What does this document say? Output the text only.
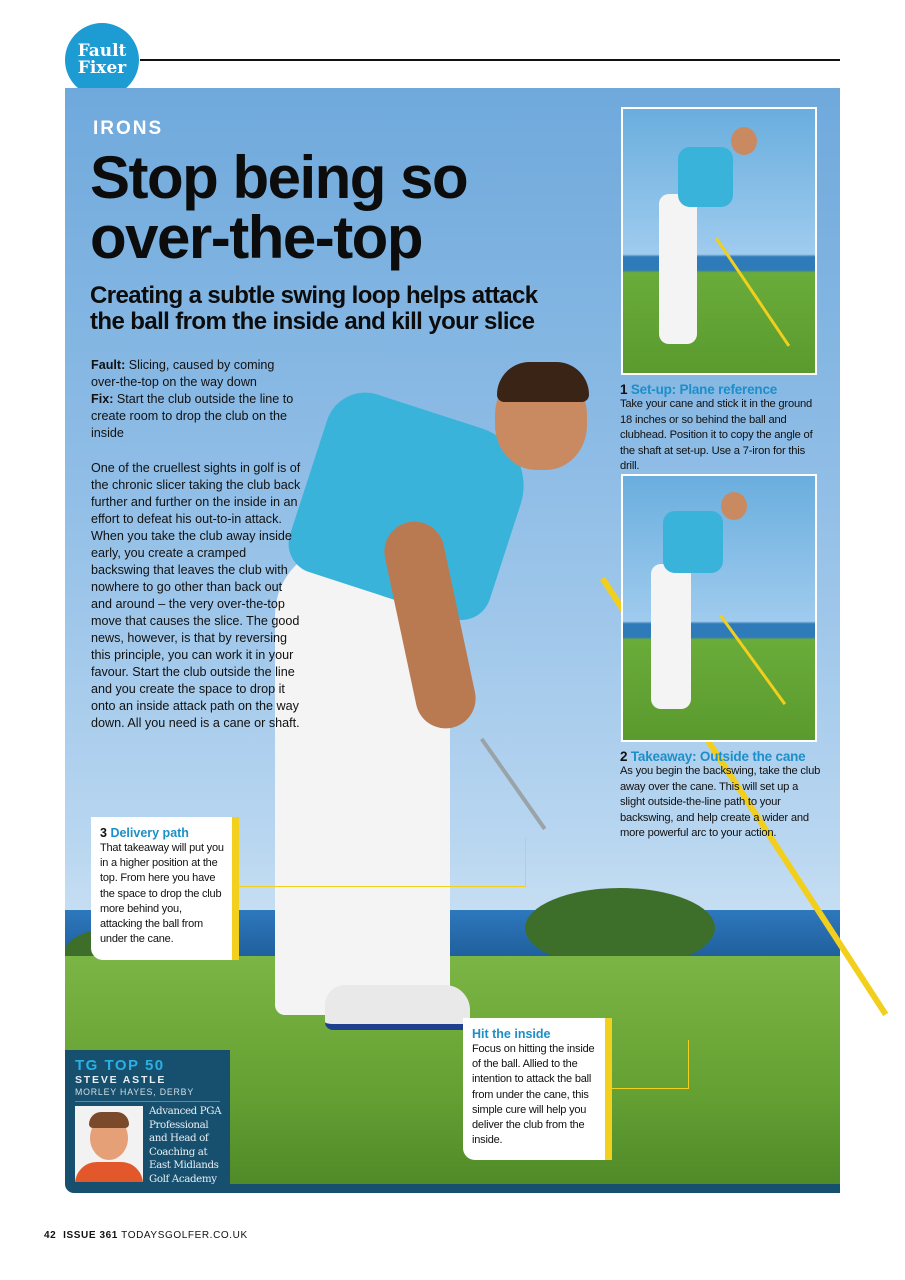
Fault
Fixer
IRONS
Stop being so over-the-top
Creating a subtle swing loop helps attack the ball from the inside and kill your slice

Fault: Slicing, caused by coming over-the-top on the way down

Fix: Start the club outside the line to create room to drop the club on the inside

One of the cruellest sights in golf is of the chronic slicer taking the club back further and further on the inside in an effort to defeat his out-to-in attack. When you take the club away inside early, you create a cramped backswing that leaves the club with nowhere to go other than back out and around – the very over-the-top move that causes the slice. The good news, however, is that by reversing this principle, you can work it in your favour. Start the club outside the line and you create the space to drop it onto an inside attack path on the way down. All you need is a cane or shaft.

1 Set-up: Plane reference
Take your cane and stick it in the ground 18 inches or so behind the ball and clubhead. Position it to copy the angle of the shaft at set-up. Use a 7-iron for this drill.
2 Takeaway: Outside the cane
As you begin the backswing, take the club away over the cane. This will set up a slight outside-the-line path to your backswing, and help create a wider and more powerful arc to your action.
3 Delivery path
That takeaway will put you in a higher position at the top. From here you have the space to drop the club more behind you, attacking the ball from under the cane.
Hit the inside
Focus on hitting the inside of the ball. Allied to the intention to attack the ball from under the cane, this simple cure will help you deliver the club from the inside.
TG TOP 50
STEVE ASTLE
MORLEY HAYES, DERBY
Advanced PGA Professional and Head of Coaching at East Midlands Golf Academy
42 ISSUE 361 TODAYSGOLFER.CO.UK
